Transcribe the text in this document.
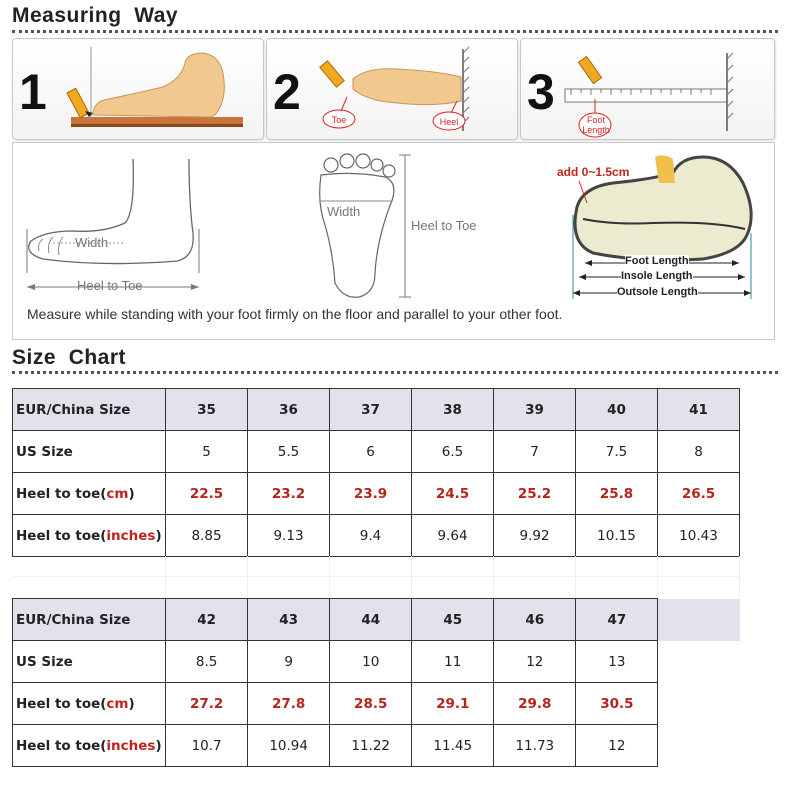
Measuring  Way
1	2	Toe	Heel
3	Foot
Length
Width
Heel to Toe
Width
Heel to Toe
add 0~1.5cm
Foot Length
Insole Length
Outsole Length
Measure while standing with your foot firmly on the floor and parallel to your other foot.
Size  Chart
EUR/China Size	35	36	37	38	39	40	41
US Size	5	5.5	6	6.5	7	7.5	8
Heel to toe(cm)	22.5	23.2	23.9	24.5	25.2	25.8	26.5
Heel to toe(inches)	8.85	9.13	9.4	9.64	9.92	10.15	10.43
EUR/China Size	42	43	44	45	46	47	
US Size	8.5	9	10	11	12	13	
Heel to toe(cm)	27.2	27.8	28.5	29.1	29.8	30.5	
Heel to toe(inches)	10.7	10.94	11.22	11.45	11.73	12	
